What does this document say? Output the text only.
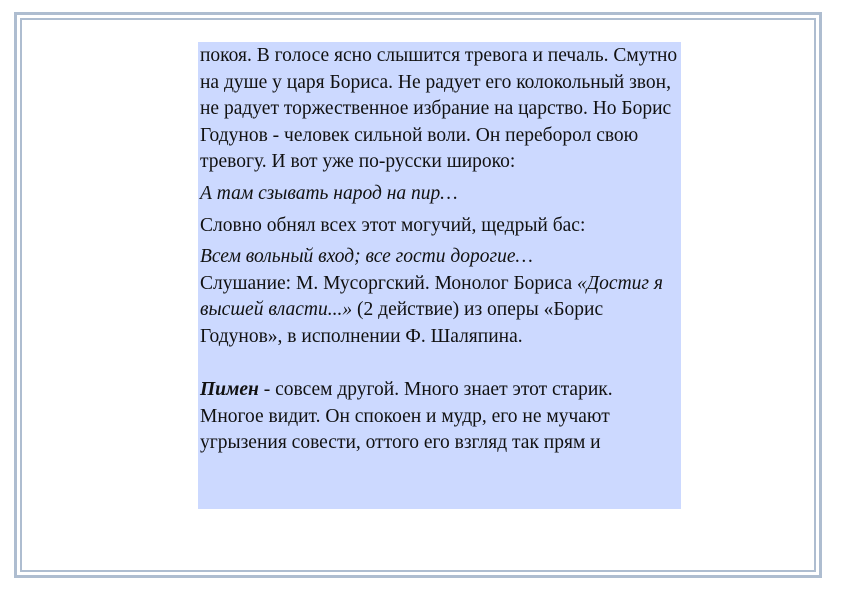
покоя. В голосе ясно слышится тревога и печаль. Смутно на душе у царя Бориса. Не радует его колокольный звон, не радует торжественное избрание на царство. Но Борис Годунов - человек сильной воли. Он переборол свою тревогу. И вот уже по-русски широко:

А там сзывать народ на пир…

Словно обнял всех этот могучий, щедрый бас:

Всем вольный вход; все гости дорогие…

Слушание: М. Мусоргский. Монолог Бориса «Достиг я высшей власти...» (2 действие) из оперы «Борис Годунов», в исполнении Ф. Шаляпина.

Пимен - совсем другой. Много знает этот старик. Многое видит. Он спокоен и мудр, его не мучают угрызения совести, оттого его взгляд так прям и
